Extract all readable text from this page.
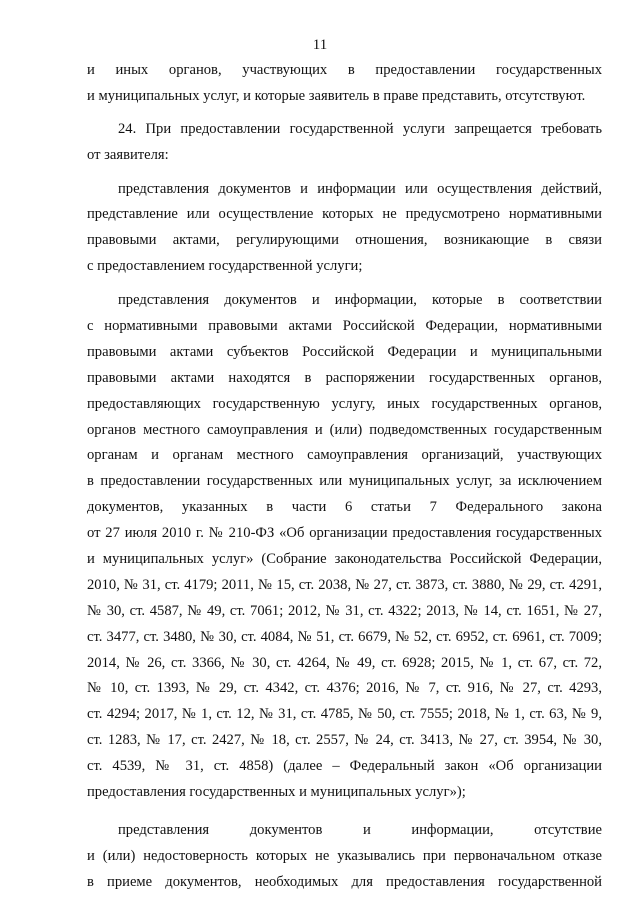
11
и иных органов, участвующих в предоставлении государственных
и муниципальных услуг, и которые заявитель в праве представить, отсутствуют.
24. При предоставлении государственной услуги запрещается требовать
от заявителя:
представления документов и информации или осуществления действий,
представление или осуществление которых не предусмотрено нормативными
правовыми актами, регулирующими отношения, возникающие в связи
с предоставлением государственной услуги;
представления документов и информации, которые в соответствии
с нормативными правовыми актами Российской Федерации, нормативными
правовыми актами субъектов Российской Федерации и муниципальными
правовыми актами находятся в распоряжении государственных органов,
предоставляющих государственную услугу, иных государственных органов,
органов местного самоуправления и (или) подведомственных государственным
органам и органам местного самоуправления организаций, участвующих
в предоставлении государственных или муниципальных услуг, за исключением
документов, указанных в части 6 статьи 7 Федерального закона
от 27 июля 2010 г. № 210-ФЗ «Об организации предоставления государственных
и муниципальных услуг» (Собрание законодательства Российской Федерации,
2010, № 31, ст. 4179; 2011, № 15, ст. 2038, № 27, ст. 3873, ст. 3880, № 29, ст. 4291,
№ 30, ст. 4587, № 49, ст. 7061; 2012, № 31, ст. 4322; 2013, № 14, ст. 1651, № 27,
ст. 3477, ст. 3480, № 30, ст. 4084, № 51, ст. 6679, № 52, ст. 6952, ст. 6961, ст. 7009;
2014, № 26, ст. 3366, № 30, ст. 4264, № 49, ст. 6928; 2015, № 1, ст. 67, ст. 72,
№ 10, ст. 1393, № 29, ст. 4342, ст. 4376; 2016, № 7, ст. 916, № 27, ст. 4293,
ст. 4294; 2017, № 1, ст. 12, № 31, ст. 4785, № 50, ст. 7555; 2018, № 1, ст. 63, № 9,
ст. 1283, № 17, ст. 2427, № 18, ст. 2557, № 24, ст. 3413, № 27, ст. 3954, № 30,
ст. 4539, № 31, ст. 4858) (далее – Федеральный закон «Об организации
предоставления государственных и муниципальных услуг»);
представления документов и информации, отсутствие
и (или) недостоверность которых не указывались при первоначальном отказе
в приеме документов, необходимых для предоставления государственной
